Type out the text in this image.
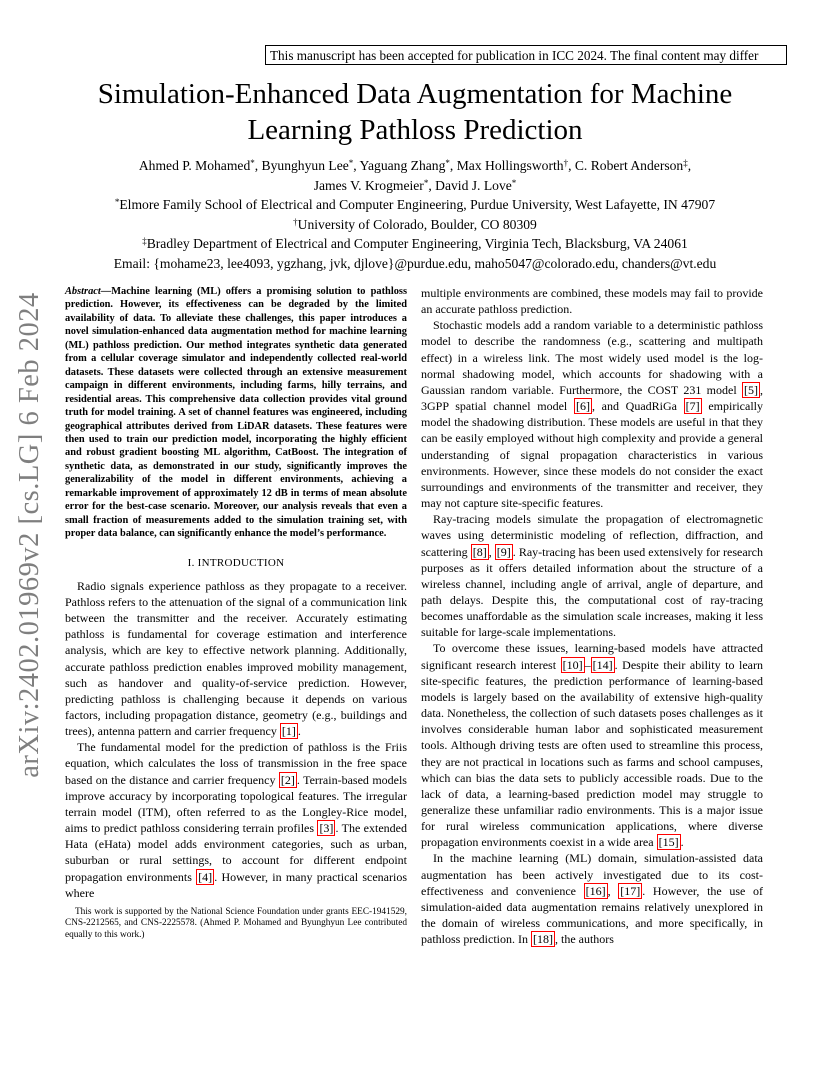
This manuscript has been accepted for publication in ICC 2024. The final content may differ
arXiv:2402.01969v2 [cs.LG] 6 Feb 2024
Simulation-Enhanced Data Augmentation for Machine Learning Pathloss Prediction
Ahmed P. Mohamed*, Byunghyun Lee*, Yaguang Zhang*, Max Hollingsworth†, C. Robert Anderson‡,
James V. Krogmeier*, David J. Love*
*Elmore Family School of Electrical and Computer Engineering, Purdue University, West Lafayette, IN 47907
†University of Colorado, Boulder, CO 80309
‡Bradley Department of Electrical and Computer Engineering, Virginia Tech, Blacksburg, VA 24061
Email: {mohame23, lee4093, ygzhang, jvk, djlove}@purdue.edu, maho5047@colorado.edu, chanders@vt.edu

Abstract—Machine learning (ML) offers a promising solution to pathloss prediction. However, its effectiveness can be degraded by the limited availability of data. To alleviate these challenges, this paper introduces a novel simulation-enhanced data augmentation method for machine learning (ML) pathloss prediction. Our method integrates synthetic data generated from a cellular coverage simulator and independently collected real-world datasets. These datasets were collected through an extensive measurement campaign in different environments, including farms, hilly terrains, and residential areas. This comprehensive data collection provides vital ground truth for model training. A set of channel features was engineered, including geographical attributes derived from LiDAR datasets. These features were then used to train our prediction model, incorporating the highly efficient and robust gradient boosting ML algorithm, CatBoost. The integration of synthetic data, as demonstrated in our study, significantly improves the generalizability of the model in different environments, achieving a remarkable improvement of approximately 12 dB in terms of mean absolute error for the best-case scenario. Moreover, our analysis reveals that even a small fraction of measurements added to the simulation training set, with proper data balance, can significantly enhance the model’s performance.

I. INTRODUCTION

Radio signals experience pathloss as they propagate to a receiver. Pathloss refers to the attenuation of the signal of a communication link between the transmitter and the receiver. Accurately estimating pathloss is fundamental for coverage estimation and interference analysis, which are key to effective network planning. Additionally, accurate pathloss prediction enables improved mobility management, such as handover and quality-of-service prediction. However, predicting pathloss is challenging because it depends on various factors, including propagation distance, geometry (e.g., buildings and trees), antenna pattern and carrier frequency [1] .

The fundamental model for the prediction of pathloss is the Friis equation, which calculates the loss of transmission in the free space based on the distance and carrier frequency [2] . Terrain-based models improve accuracy by incorporating topological features. The irregular terrain model (ITM), often referred to as the Longley-Rice model, aims to predict pathloss considering terrain profiles [3] . The extended Hata (eHata) model adds environment categories, such as urban, suburban or rural settings, to account for different endpoint propagation environments [4] . However, in many practical scenarios where

This work is supported by the National Science Foundation under grants EEC-1941529, CNS-2212565, and CNS-2225578. (Ahmed P. Mohamed and Byunghyun Lee contributed equally to this work.)

multiple environments are combined, these models may fail to provide an accurate pathloss prediction.

Stochastic models add a random variable to a deterministic pathloss model to describe the randomness (e.g., scattering and multipath effect) in a wireless link. The most widely used model is the log-normal shadowing model, which accounts for shadowing with a Gaussian random variable. Furthermore, the COST 231 model [5] , 3GPP spatial channel model [6] , and QuadRiGa [7] empirically model the shadowing distribution. These models are useful in that they can be easily employed without high complexity and provide a general understanding of signal propagation characteristics in various environments. However, since these models do not consider the exact surroundings and environments of the transmitter and receiver, they may not capture site-specific features.

Ray-tracing models simulate the propagation of electromagnetic waves using deterministic modeling of reflection, diffraction, and scattering [8] , [9] . Ray-tracing has been used extensively for research purposes as it offers detailed information about the structure of a wireless channel, including angle of arrival, angle of departure, and path delays. Despite this, the computational cost of ray-tracing becomes unaffordable as the simulation scale increases, making it less suitable for large-scale implementations.

To overcome these issues, learning-based models have attracted significant research interest [10] – [14] . Despite their ability to learn site-specific features, the prediction performance of learning-based models is largely based on the availability of extensive high-quality data. Nonetheless, the collection of such datasets poses challenges as it involves considerable human labor and sophisticated measurement tools. Although driving tests are often used to streamline this process, they are not practical in locations such as farms and school campuses, which can bias the data sets to publicly accessible roads. Due to the lack of data, a learning-based prediction model may struggle to generalize these unfamiliar radio environments. This is a major issue for rural wireless communication applications, where diverse propagation environments coexist in a wide area [15] .

In the machine learning (ML) domain, simulation-assisted data augmentation has been actively investigated due to its cost-effectiveness and convenience [16] , [17] . However, the use of simulation-aided data augmentation remains relatively unexplored in the domain of wireless communications, and more specifically, in pathloss prediction. In [18] , the authors
